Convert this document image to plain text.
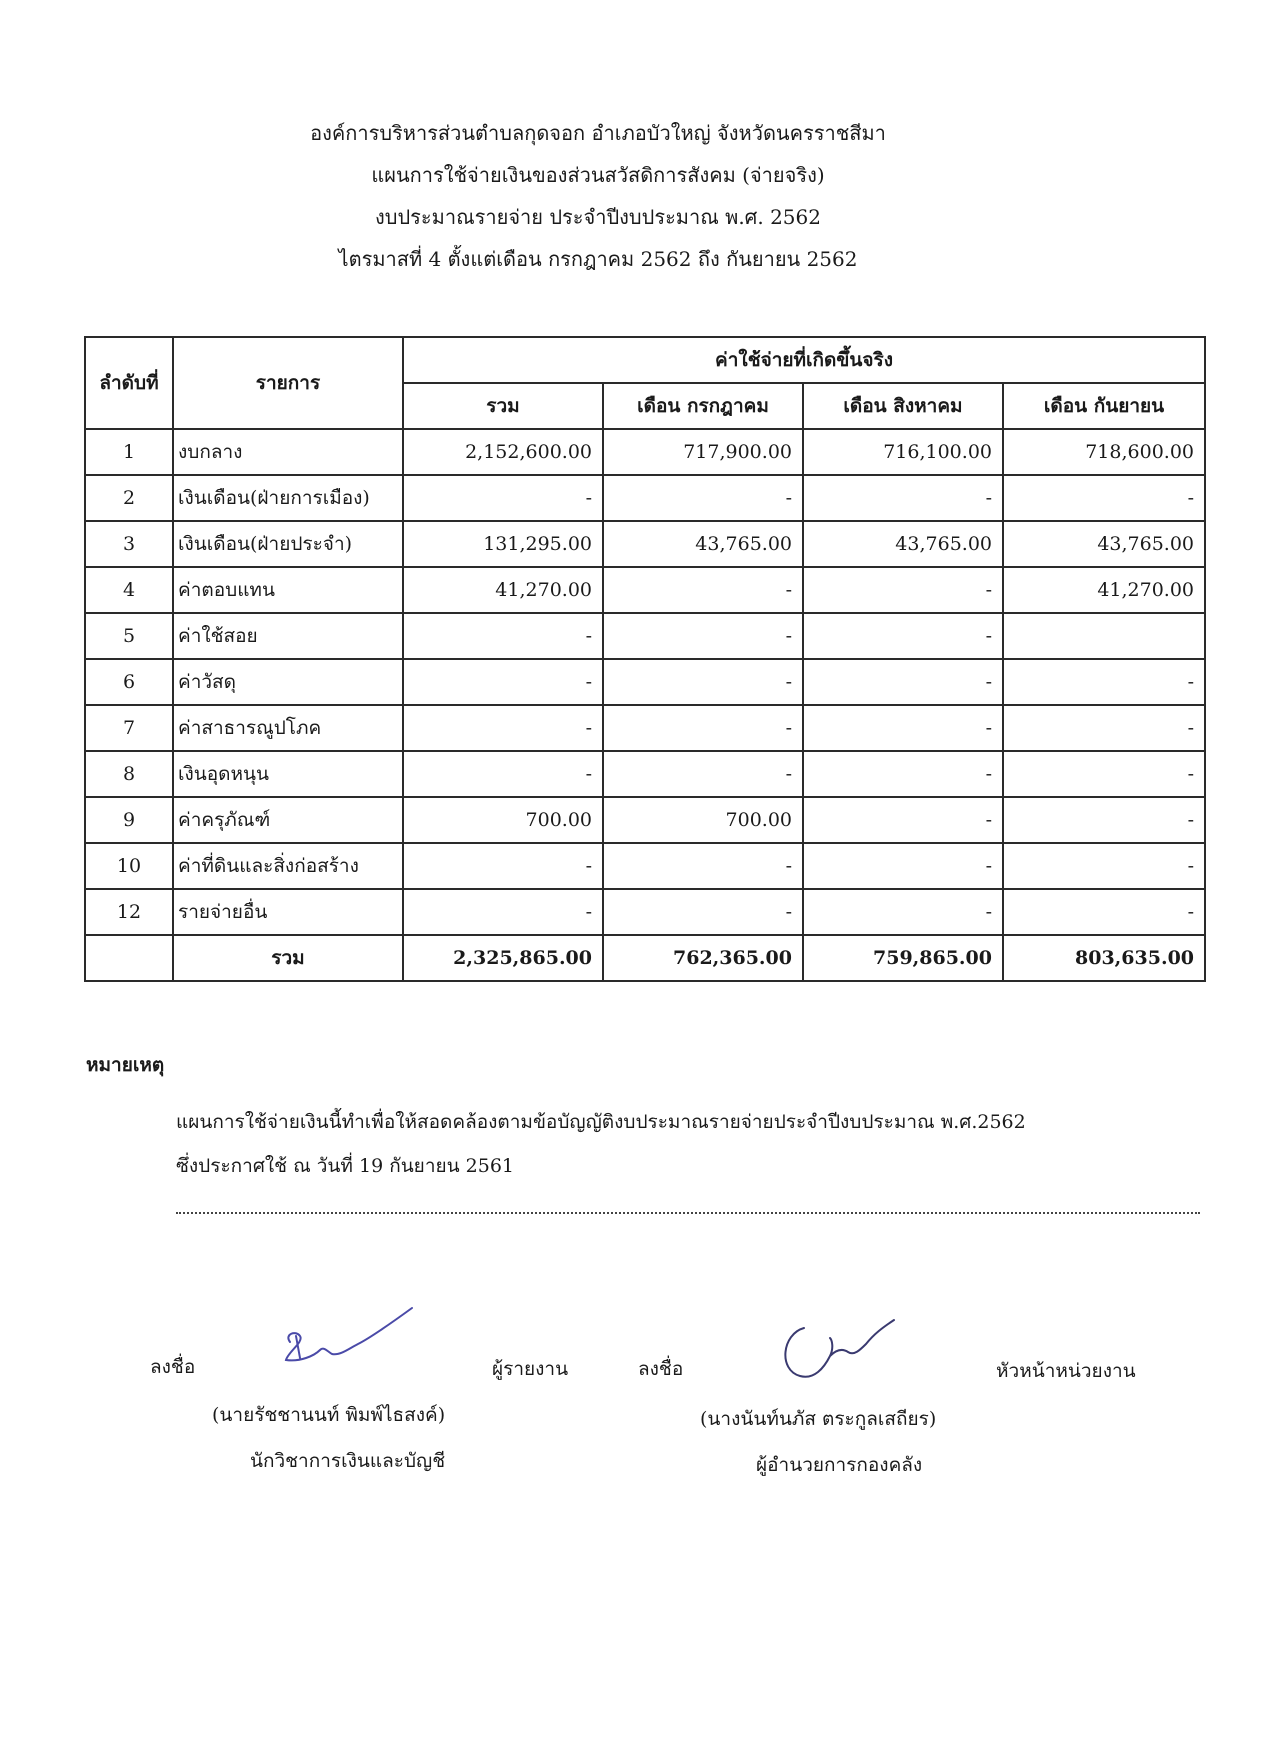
องค์การบริหารส่วนตำบลกุดจอก อำเภอบัวใหญ่ จังหวัดนครราชสีมา
แผนการใช้จ่ายเงินของส่วนสวัสดิการสังคม (จ่ายจริง)
งบประมาณรายจ่าย ประจำปีงบประมาณ พ.ศ. 2562
ไตรมาสที่ 4 ตั้งแต่เดือน กรกฎาคม 2562 ถึง กันยายน 2562
ลำดับที่	รายการ	ค่าใช้จ่ายที่เกิดขึ้นจริง			
		รวม	เดือน กรกฎาคม	เดือน สิงหาคม	เดือน กันยายน
1	งบกลาง	2,152,600.00	717,900.00	716,100.00	718,600.00
2	เงินเดือน(ฝ่ายการเมือง)	-	-	-	-
3	เงินเดือน(ฝ่ายประจำ)	131,295.00	43,765.00	43,765.00	43,765.00
4	ค่าตอบแทน	41,270.00	-	-	41,270.00
5	ค่าใช้สอย	-	-	-	
6	ค่าวัสดุ	-	-	-	-
7	ค่าสาธารณูปโภค	-	-	-	-
8	เงินอุดหนุน	-	-	-	-
9	ค่าครุภัณฑ์	700.00	700.00	-	-
10	ค่าที่ดินและสิ่งก่อสร้าง	-	-	-	-
12	รายจ่ายอื่น	-	-	-	-
	รวม	2,325,865.00	762,365.00	759,865.00	803,635.00
หมายเหตุ
แผนการใช้จ่ายเงินนี้ทำเพื่อให้สอดคล้องตามข้อบัญญัติงบประมาณรายจ่ายประจำปีงบประมาณ พ.ศ.2562
ซึ่งประกาศใช้ ณ วันที่ 19 กันยายน 2561
ลงชื่อ	ผู้รายงาน
(นายรัชชานนท์ พิมพ์ไธสงค์)
นักวิชาการเงินและบัญชี
ลงชื่อ	หัวหน้าหน่วยงาน
(นางนันท์นภัส ตระกูลเสถียร)
ผู้อำนวยการกองคลัง
